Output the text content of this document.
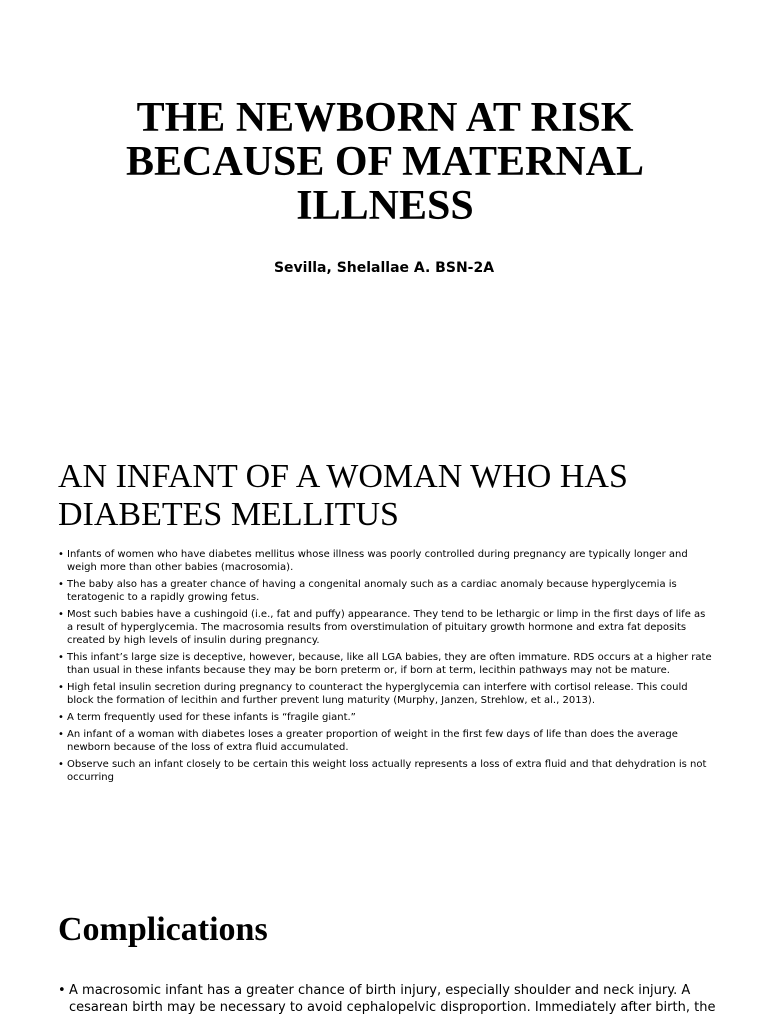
THE NEWBORN AT RISK BECAUSE OF MATERNAL ILLNESS
Sevilla, Shelallae A. BSN-2A
AN INFANT OF A WOMAN WHO HAS DIABETES MELLITUS
• Infants of women who have diabetes mellitus whose illness was poorly controlled during pregnancy are typically longer and weigh more than other babies (macrosomia).
• The baby also has a greater chance of having a congenital anomaly such as a cardiac anomaly because hyperglycemia is teratogenic to a rapidly growing fetus.
• Most such babies have a cushingoid (i.e., fat and puffy) appearance. They tend to be lethargic or limp in the first days of life as a result of hyperglycemia. The macrosomia results from overstimulation of pituitary growth hormone and extra fat deposits created by high levels of insulin during pregnancy.
• This infant’s large size is deceptive, however, because, like all LGA babies, they are often immature. RDS occurs at a higher rate than usual in these infants because they may be born preterm or, if born at term, lecithin pathways may not be mature.
• High fetal insulin secretion during pregnancy to counteract the hyperglycemia can interfere with cortisol release. This could block the formation of lecithin and further prevent lung maturity (Murphy, Janzen, Strehlow, et al., 2013).
• A term frequently used for these infants is “fragile giant.”
• An infant of a woman with diabetes loses a greater proportion of weight in the first few days of life than does the average newborn because of the loss of extra fluid accumulated.
• Observe such an infant closely to be certain this weight loss actually represents a loss of extra fluid and that dehydration is not occurring
Complications
• A macrosomic infant has a greater chance of birth injury, especially shoulder and neck injury. A cesarean birth may be necessary to avoid cephalopelvic disproportion. Immediately after birth, the
